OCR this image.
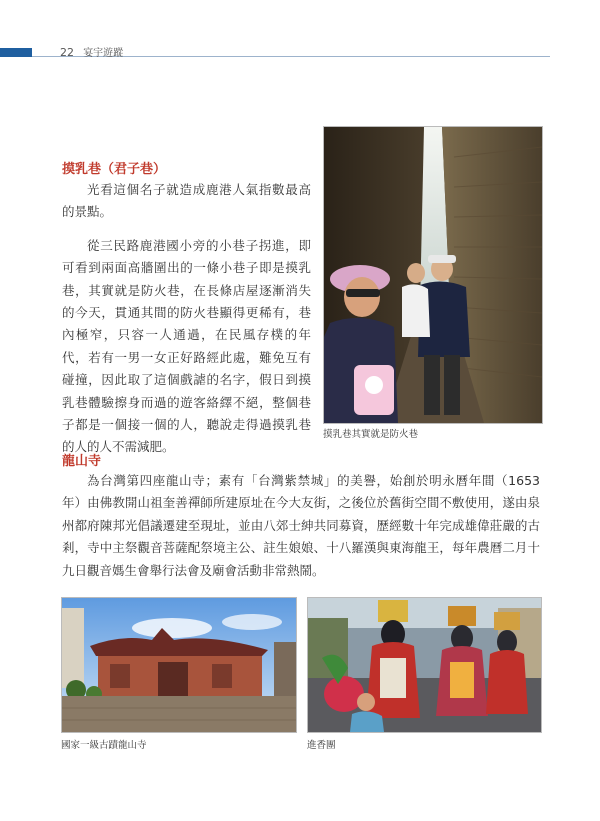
22 宴宇遊蹤
摸乳巷（君子巷）

光看這個名子就造成鹿港人氣指數最高的景點。

從三民路鹿港國小旁的小巷子拐進，即可看到兩面高牆圍出的一條小巷子即是摸乳巷，其實就是防火巷，在長條店屋逐漸消失的今天，貫通其間的防火巷顯得更稀有，巷內極窄，只容一人通過，在民風存樸的年代，若有一男一女正好路經此處，難免互有碰撞，因此取了這個戲謔的名字，假日到摸乳巷體驗擦身而過的遊客絡繹不絕，整個巷子都是一個接一個的人，聽說走得過摸乳巷的人的人不需減肥。

摸乳巷其實就是防火巷
龍山寺

為台灣第四座龍山寺；素有「台灣紫禁城」的美譽，始創於明永曆年間（1653 年）由佛教開山祖奎善禪師所建原址在今大友街，之後位於舊街空間不敷使用，遂由泉州都府陳邦光倡議遷建至現址，並由八郊士紳共同募資，歷經數十年完成雄偉莊嚴的古剎，寺中主祭觀音菩薩配祭境主公、註生娘娘、十八羅漢與東海龍王，每年農曆二月十九日觀音媽生會舉行法會及廟會活動非常熱鬧。

國家一級古蹟龍山寺	進香團
